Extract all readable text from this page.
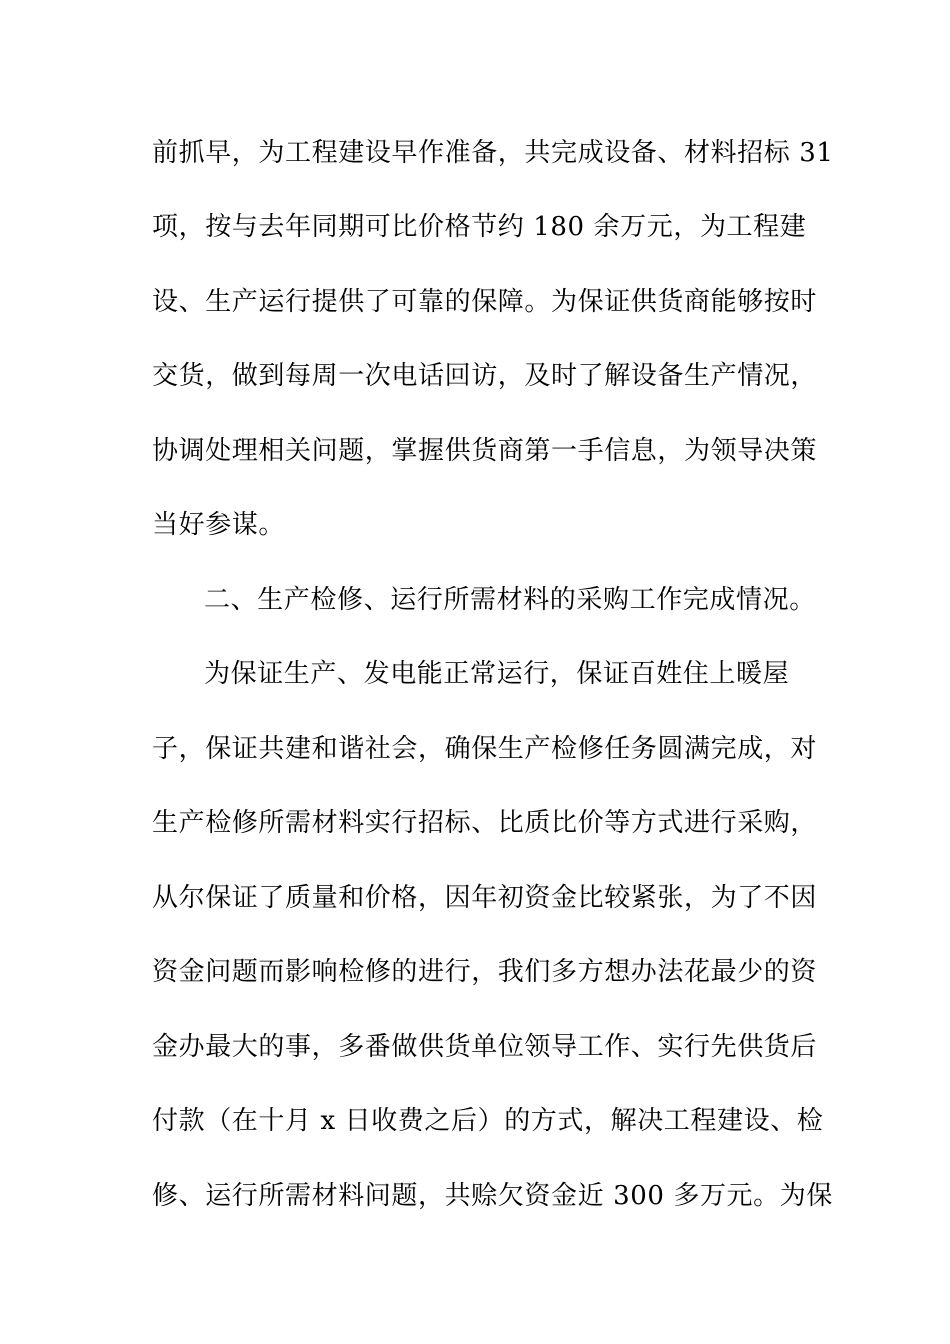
前抓早，为工程建设早作准备，共完成设备、材料招标 31
项，按与去年同期可比价格节约 180 余万元，为工程建
设、生产运行提供了可靠的保障。为保证供货商能够按时
交货，做到每周一次电话回访，及时了解设备生产情况，
协调处理相关问题，掌握供货商第一手信息，为领导决策
当好参谋。
二、生产检修、运行所需材料的采购工作完成情况。
为保证生产、发电能正常运行，保证百姓住上暖屋
子，保证共建和谐社会，确保生产检修任务圆满完成，对
生产检修所需材料实行招标、比质比价等方式进行采购，
从尔保证了质量和价格，因年初资金比较紧张，为了不因
资金问题而影响检修的进行，我们多方想办法花最少的资
金办最大的事，多番做供货单位领导工作、实行先供货后
付款（在十月 x 日收费之后）的方式，解决工程建设、检
修、运行所需材料问题，共赊欠资金近 300 多万元。为保
